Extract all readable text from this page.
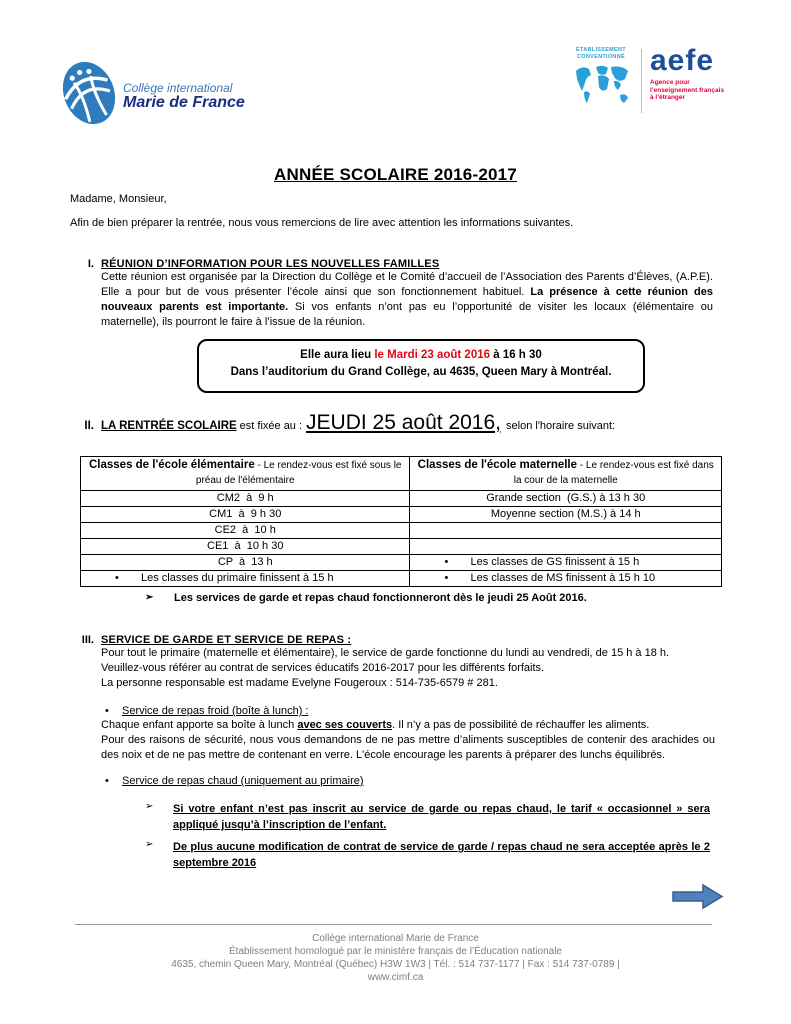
Collège international
Marie de France
ÉTABLISSEMENT
CONVENTIONNÉ aefe
Agence pour
l’enseignement français
à l’étranger
ANNÉE SCOLAIRE 2016-2017
Madame, Monsieur,
Afin de bien préparer la rentrée, nous vous remercions de lire avec attention les informations suivantes.
I. RÉUNION D’INFORMATION POUR LES NOUVELLES FAMILLES
Cette réunion est organisée par la Direction du Collège et le Comité d’accueil de l’Association des Parents d’Élèves, (A.P.E). Elle a pour but de vous présenter l’école ainsi que son fonctionnement habituel. La présence à cette réunion des nouveaux parents est importante. Si vos enfants n’ont pas eu l’opportunité de visiter les locaux (élémentaire ou maternelle), ils pourront le faire à l’issue de la réunion.
Elle aura lieu le Mardi 23 août 2016 à 16 h 30
Dans l’auditorium du Grand Collège, au 4635, Queen Mary à Montréal.
II. LA RENTRÉE SCOLAIRE est fixée au : JEUDI 25 août 2016, selon l'horaire suivant:
Classes de l'école élémentaire - Le rendez-vous est fixé sous le préau de l'élémentaire	Classes de l'école maternelle - Le rendez-vous est fixé dans la cour de la maternelle
CM2  à  9 h	Grande section  (G.S.) à 13 h 30
CM1  à  9 h 30	Moyenne section (M.S.) à 14 h
CE2  à  10 h	
CE1  à  10 h 30	
CP  à  13 h	• Les classes de GS finissent à 15 h
• Les classes du primaire finissent à 15 h	• Les classes de MS finissent à 15 h 10
➢	Les services de garde et repas chaud fonctionneront dès le jeudi 25 Août 2016.
III. SERVICE DE GARDE ET SERVICE DE REPAS :

Pour tout le primaire (maternelle et élémentaire), le service de garde fonctionne du lundi au vendredi, de 15 h à 18 h.

Veuillez-vous référer au contrat de services éducatifs 2016-2017 pour les différents forfaits.

La personne responsable est madame Evelyne Fougeroux : 514-735-6579 # 281.

•	Service de repas froid (boîte à lunch) :
Chaque enfant apporte sa boîte à lunch avec ses couverts. Il n’y a pas de possibilité de réchauffer les aliments.
Pour des raisons de sécurité, nous vous demandons de ne pas mettre d’aliments susceptibles de contenir des arachides ou des noix et de ne pas mettre de contenant en verre. L'école encourage les parents à préparer des lunchs équilibrés.
•	Service de repas chaud (uniquement au primaire)
➢	Si votre enfant n’est pas inscrit au service de garde ou repas chaud, le tarif « occasionnel » sera appliqué jusqu’à l’inscription de l’enfant.
➢	De plus aucune modification de contrat de service de garde / repas chaud ne sera acceptée après le 2 septembre 2016
Collège international Marie de France
Établissement homologué par le ministère français de l’Éducation nationale
4635, chemin Queen Mary, Montréal (Québec) H3W 1W3 | Tél. : 514 737-1177 | Fax : 514 737-0789 |
www.cimf.ca
